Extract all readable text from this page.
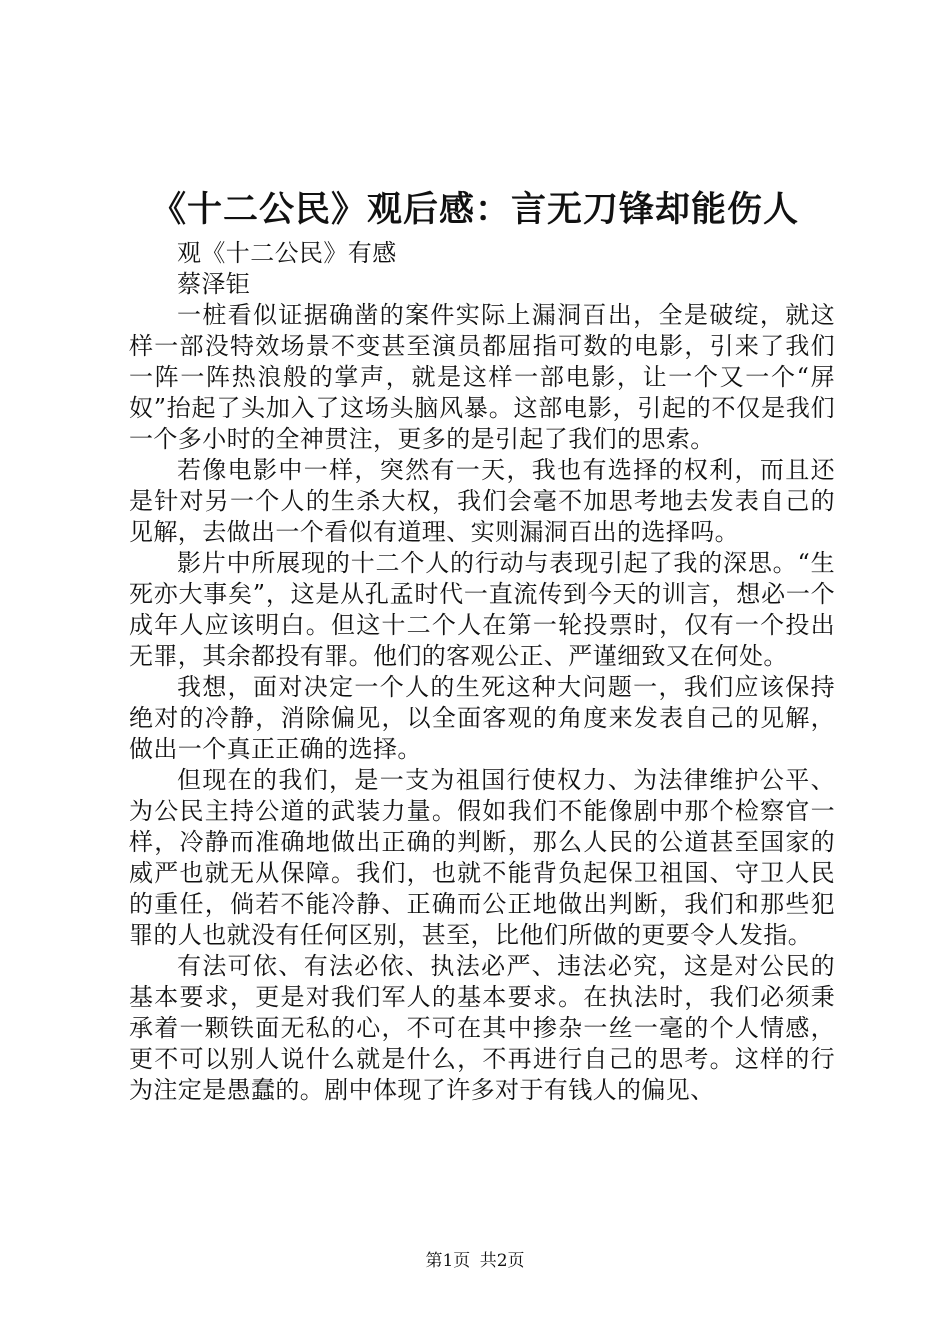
《十二公民》观后感：言无刀锋却能伤人

观《十二公民》有感

蔡泽钜

一桩看似证据确凿的案件实际上漏洞百出，全是破绽，就这样一部没特效场景不变甚至演员都屈指可数的电影，引来了我们一阵一阵热浪般的掌声，就是这样一部电影，让一个又一个“屏奴”抬起了头加入了这场头脑风暴。这部电影，引起的不仅是我们一个多小时的全神贯注，更多的是引起了我们的思索。

若像电影中一样，突然有一天，我也有选择的权利，而且还是针对另一个人的生杀大权，我们会毫不加思考地去发表自己的见解，去做出一个看似有道理、实则漏洞百出的选择吗。

影片中所展现的十二个人的行动与表现引起了我的深思。“生死亦大事矣”，这是从孔孟时代一直流传到今天的训言，想必一个成年人应该明白。但这十二个人在第一轮投票时，仅有一个投出无罪，其余都投有罪。他们的客观公正、严谨细致又在何处。

我想，面对决定一个人的生死这种大问题一，我们应该保持绝对的冷静，消除偏见，以全面客观的角度来发表自己的见解，做出一个真正正确的选择。

但现在的我们，是一支为祖国行使权力、为法律维护公平、为公民主持公道的武装力量。假如我们不能像剧中那个检察官一样，冷静而准确地做出正确的判断，那么人民的公道甚至国家的威严也就无从保障。我们，也就不能背负起保卫祖国、守卫人民的重任，倘若不能冷静、正确而公正地做出判断，我们和那些犯罪的人也就没有任何区别，甚至，比他们所做的更要令人发指。

有法可依、有法必依、执法必严、违法必究，这是对公民的基本要求，更是对我们军人的基本要求。在执法时，我们必须秉承着一颗铁面无私的心，不可在其中掺杂一丝一毫的个人情感，更不可以别人说什么就是什么，不再进行自己的思考。这样的行为注定是愚蠢的。剧中体现了许多对于有钱人的偏见、

第1页 共2页
